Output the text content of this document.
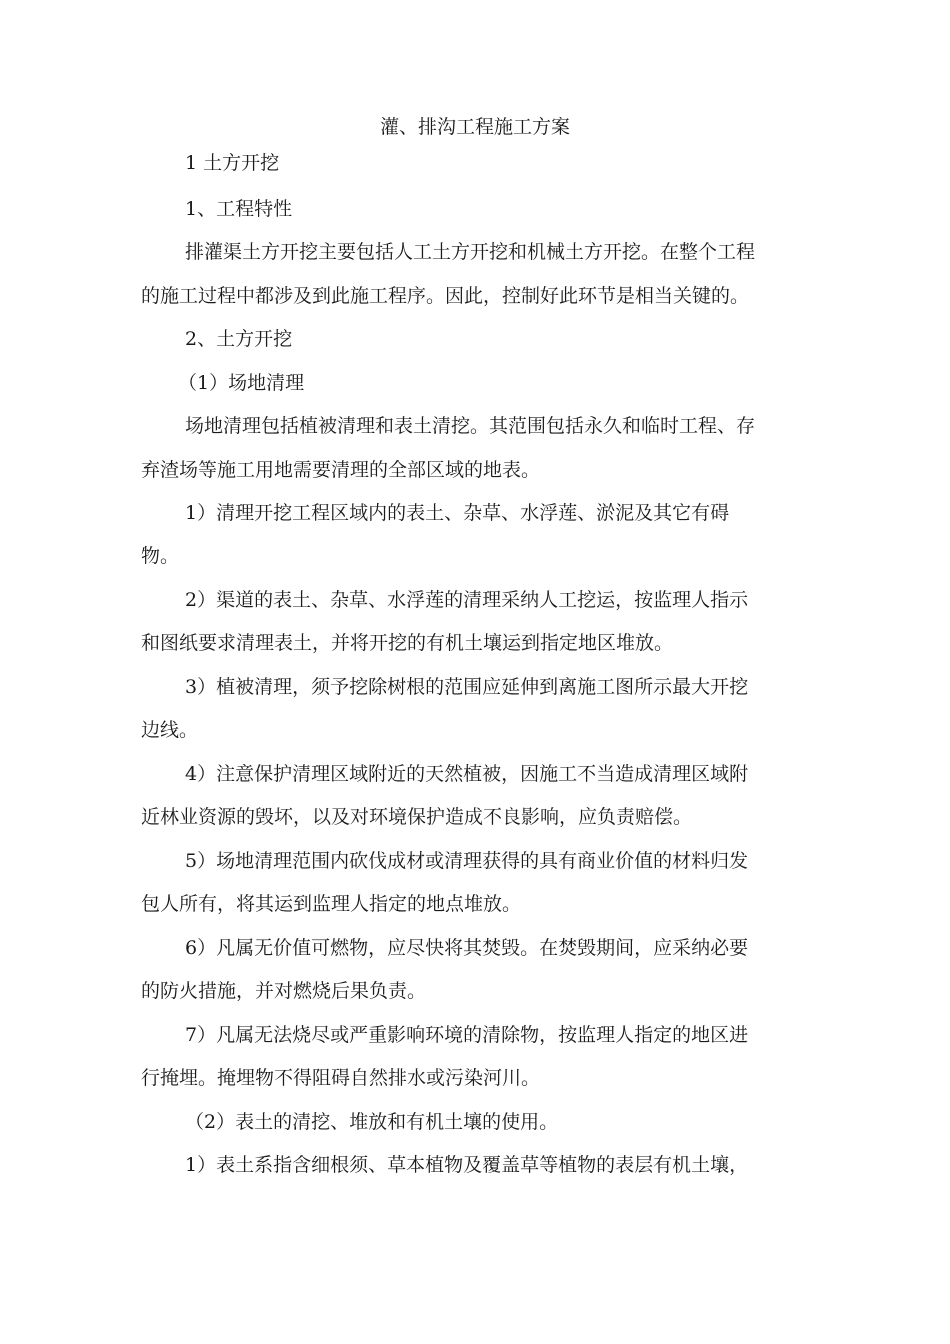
灌、排沟工程施工方案
1 土方开挖
1、工程特性
排灌渠土方开挖主要包括人工土方开挖和机械土方开挖。在整个工程
的施工过程中都涉及到此施工程序。因此，控制好此环节是相当关键的。
2、土方开挖
（1）场地清理
场地清理包括植被清理和表土清挖。其范围包括永久和临时工程、存
弃渣场等施工用地需要清理的全部区域的地表。
1）清理开挖工程区域内的表土、杂草、水浮莲、淤泥及其它有碍
物。
2）渠道的表土、杂草、水浮莲的清理采纳人工挖运，按监理人指示
和图纸要求清理表土，并将开挖的有机土壤运到指定地区堆放。
3）植被清理，须予挖除树根的范围应延伸到离施工图所示最大开挖
边线。
4）注意保护清理区域附近的天然植被，因施工不当造成清理区域附
近林业资源的毁坏，以及对环境保护造成不良影响，应负责赔偿。
5）场地清理范围内砍伐成材或清理获得的具有商业价值的材料归发
包人所有，将其运到监理人指定的地点堆放。
6）凡属无价值可燃物，应尽快将其焚毁。在焚毁期间，应采纳必要
的防火措施，并对燃烧后果负责。
7）凡属无法烧尽或严重影响环境的清除物，按监理人指定的地区进
行掩埋。掩埋物不得阻碍自然排水或污染河川。
（2）表土的清挖、堆放和有机土壤的使用。
1）表土系指含细根须、草本植物及覆盖草等植物的表层有机土壤，
